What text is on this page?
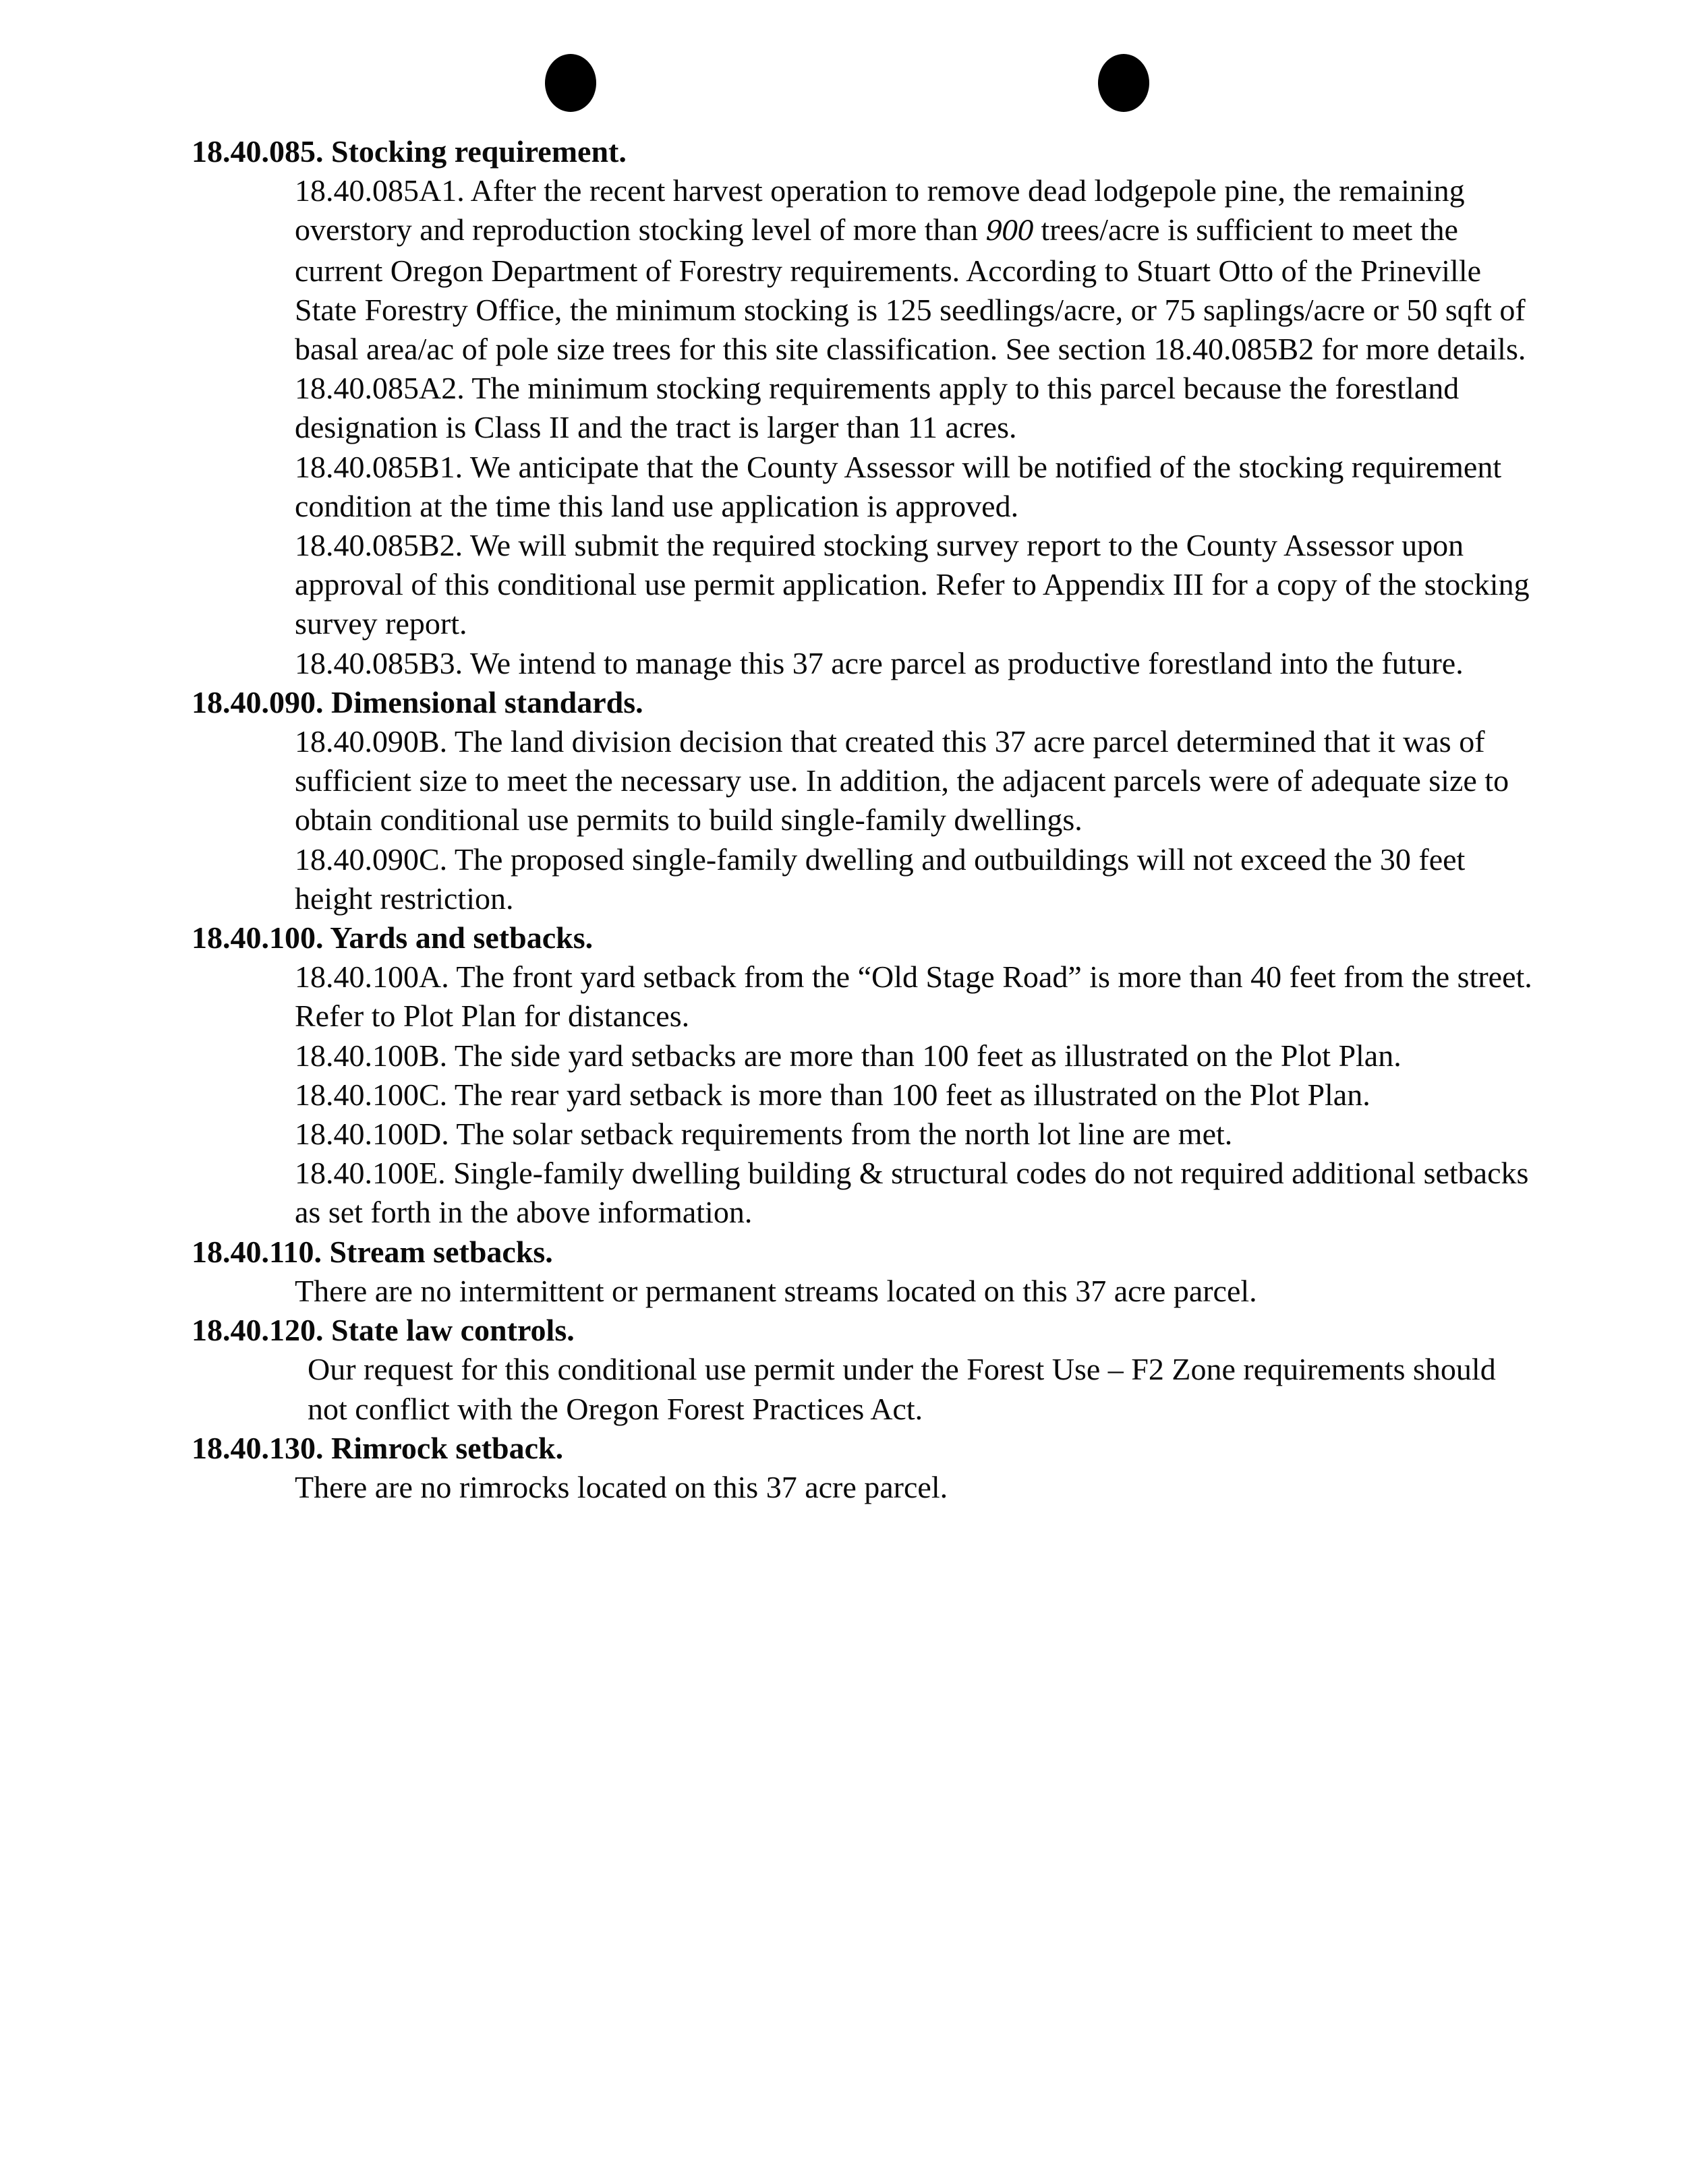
18.40.085. Stocking requirement.

18.40.085A1. After the recent harvest operation to remove dead lodgepole pine, the remaining overstory and reproduction stocking level of more than 900 trees/acre is sufficient to meet the current Oregon Department of Forestry requirements. According to Stuart Otto of the Prineville State Forestry Office, the minimum stocking is 125 seedlings/acre, or 75 saplings/acre or 50 sqft of basal area/ac of pole size trees for this site classification. See section 18.40.085B2 for more details.

18.40.085A2. The minimum stocking requirements apply to this parcel because the forestland designation is Class II and the tract is larger than 11 acres.

18.40.085B1. We anticipate that the County Assessor will be notified of the stocking requirement condition at the time this land use application is approved.

18.40.085B2. We will submit the required stocking survey report to the County Assessor upon approval of this conditional use permit application. Refer to Appendix III for a copy of the stocking survey report.

18.40.085B3. We intend to manage this 37 acre parcel as productive forestland into the future.

18.40.090. Dimensional standards.

18.40.090B. The land division decision that created this 37 acre parcel determined that it was of sufficient size to meet the necessary use. In addition, the adjacent parcels were of adequate size to obtain conditional use permits to build single-family dwellings.

18.40.090C. The proposed single-family dwelling and outbuildings will not exceed the 30 feet height restriction.

18.40.100. Yards and setbacks.

18.40.100A. The front yard setback from the “Old Stage Road” is more than 40 feet from the street. Refer to Plot Plan for distances.

18.40.100B. The side yard setbacks are more than 100 feet as illustrated on the Plot Plan.

18.40.100C. The rear yard setback is more than 100 feet as illustrated on the Plot Plan.

18.40.100D. The solar setback requirements from the north lot line are met.

18.40.100E. Single-family dwelling building & structural codes do not required additional setbacks as set forth in the above information.

18.40.110. Stream setbacks.

There are no intermittent or permanent streams located on this 37 acre parcel.

18.40.120. State law controls.

Our request for this conditional use permit under the Forest Use – F2 Zone requirements should not conflict with the Oregon Forest Practices Act.

18.40.130. Rimrock setback.

There are no rimrocks located on this 37 acre parcel.
